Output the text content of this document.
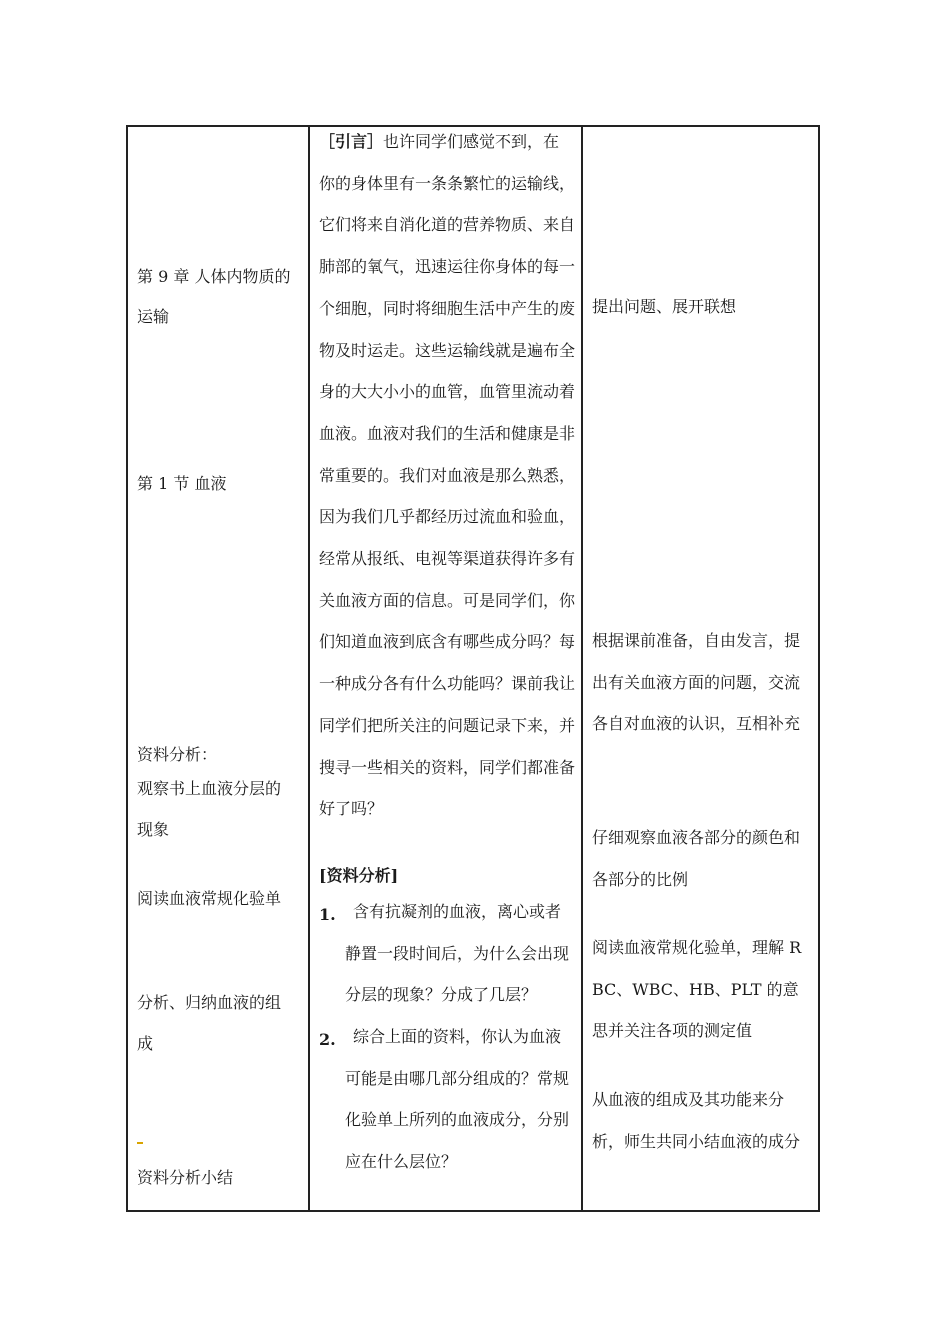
第 9 章 人体内物质的
运输
第 1 节 血液
资料分析：
观察书上血液分层的
现象
阅读血液常规化验单
分析、归纳血液的组
成
资料分析小结

［引言］也许同学们感觉不到，在你的身体里有一条条繁忙的运输线，它们将来自消化道的营养物质、来自肺部的氧气，迅速运往你身体的每一个细胞，同时将细胞生活中产生的废物及时运走。这些运输线就是遍布全身的大大小小的血管，血管里流动着血液。血液对我们的生活和健康是非常重要的。我们对血液是那么熟悉，因为我们几乎都经历过流血和验血，经常从报纸、电视等渠道获得许多有关血液方面的信息。可是同学们，你们知道血液到底含有哪些成分吗？每一种成分各有什么功能吗？课前我让同学们把所关注的问题记录下来，并搜寻一些相关的资料，同学们都准备好了吗？
[资料分析]
1.	含有抗凝剂的血液，离心或者静置一段时间后，为什么会出现分层的现象？分成了几层？
2.	综合上面的资料，你认为血液可能是由哪几部分组成的？常规化验单上所列的血液成分，分别应在什么层位？

提出问题、展开联想
根据课前准备，自由发言，提出有关血液方面的问题，交流各自对血液的认识，互相补充
仔细观察血液各部分的颜色和各部分的比例
阅读血液常规化验单，理解 RBC、WBC、HB、PLT 的意思并关注各项的测定值
从血液的组成及其功能来分析，师生共同小结血液的成分
